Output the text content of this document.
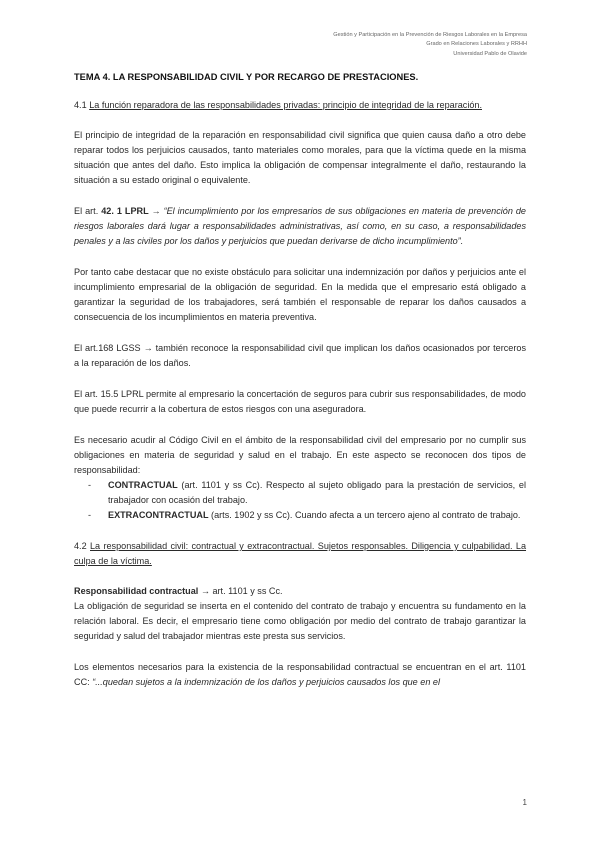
Gestión y Participación en la Prevención de Riesgos Laborales en la Empresa
Grado en Relaciones Laborales y RRHH
Universidad Pablo de Olavide

TEMA 4. LA RESPONSABILIDAD CIVIL Y POR RECARGO DE PRESTACIONES.

4.1 La función reparadora de las responsabilidades privadas: principio de integridad de la reparación.

El principio de integridad de la reparación en responsabilidad civil significa que quien causa daño a otro debe reparar todos los perjuicios causados, tanto materiales como morales, para que la víctima quede en la misma situación que antes del daño. Esto implica la obligación de compensar integralmente el daño, restaurando la situación a su estado original o equivalente.

El art. 42. 1 LPRL → “El incumplimiento por los empresarios de sus obligaciones en materia de prevención de riesgos laborales dará lugar a responsabilidades administrativas, así como, en su caso, a responsabilidades penales y a las civiles por los daños y perjuicios que puedan derivarse de dicho incumplimiento”.

Por tanto cabe destacar que no existe obstáculo para solicitar una indemnización por daños y perjuicios ante el incumplimiento empresarial de la obligación de seguridad. En la medida que el empresario está obligado a garantizar la seguridad de los trabajadores, será también el responsable de reparar los daños causados a consecuencia de los incumplimientos en materia preventiva.

El art.168 LGSS → también reconoce la responsabilidad civil que implican los daños ocasionados por terceros a la reparación de los daños.

El art. 15.5 LPRL permite al empresario la concertación de seguros para cubrir sus responsabilidades, de modo que puede recurrir a la cobertura de estos riesgos con una aseguradora.

Es necesario acudir al Código Civil en el ámbito de la responsabilidad civil del empresario por no cumplir sus obligaciones en materia de seguridad y salud en el trabajo. En este aspecto se reconocen dos tipos de responsabilidad:

- CONTRACTUAL (art. 1101 y ss Cc). Respecto al sujeto obligado para la prestación de servicios, el trabajador con ocasión del trabajo.
- EXTRACONTRACTUAL (arts. 1902 y ss Cc). Cuando afecta a un tercero ajeno al contrato de trabajo.

4.2 La responsabilidad civil: contractual y extracontractual. Sujetos responsables. Diligencia y culpabilidad. La culpa de la víctima.

Responsabilidad contractual → art. 1101 y ss Cc.

La obligación de seguridad se inserta en el contenido del contrato de trabajo y encuentra su fundamento en la relación laboral. Es decir, el empresario tiene como obligación por medio del contrato de trabajo garantizar la seguridad y salud del trabajador mientras este presta sus servicios.

Los elementos necesarios para la existencia de la responsabilidad contractual se encuentran en el art. 1101 CC: “...quedan sujetos a la indemnización de los daños y perjuicios causados los que en el

1
